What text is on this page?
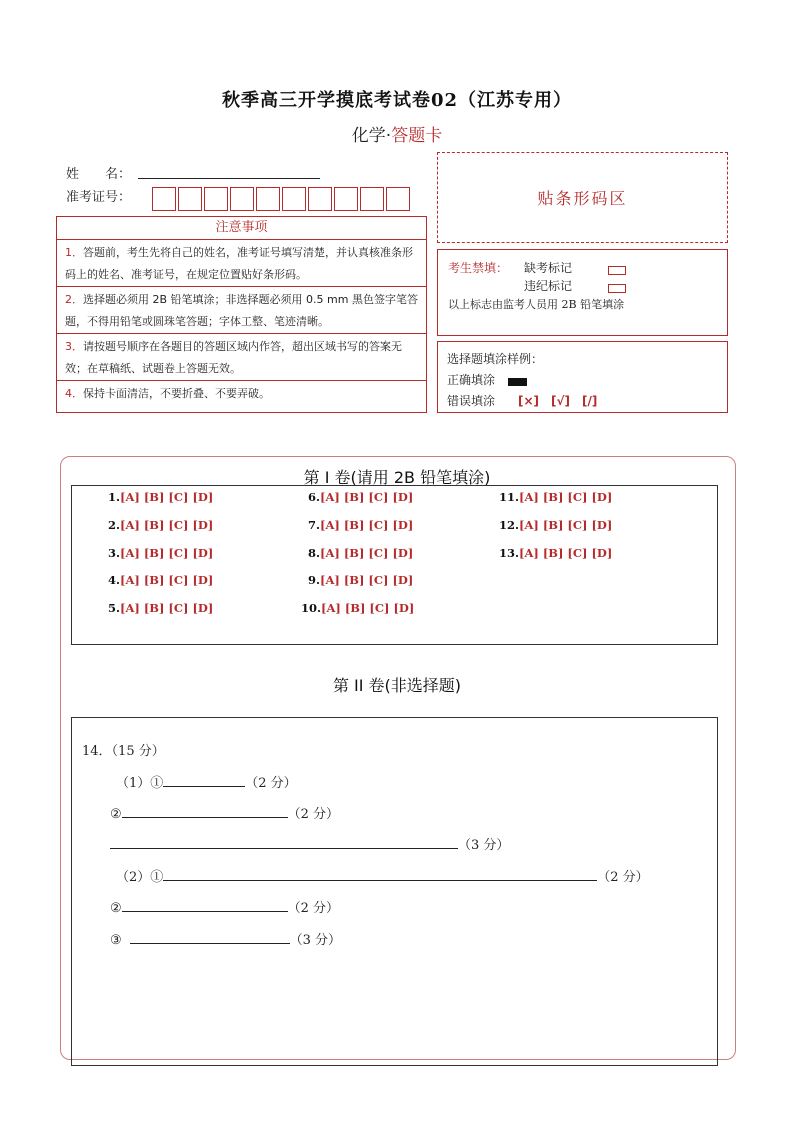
秋季高三开学摸底考试卷02（江苏专用）
化学·答题卡
姓　　名：
准考证号：	贴条形码区
注意事项
1．答题前，考生先将自己的姓名，准考证号填写清楚，并认真核准条形码上的姓名、准考证号，在规定位置贴好条形码。
2．选择题必须用 2B 铅笔填涂；非选择题必须用 0.5 mm 黑色签字笔答题，不得用铅笔或圆珠笔答题；字体工整、笔迹清晰。
3．请按题号顺序在各题目的答题区域内作答，超出区域书写的答案无效；在草稿纸、试题卷上答题无效。
4．保持卡面清洁，不要折叠、不要弄破。
考生禁填： 缺考标记
违纪标记
以上标志由监考人员用 2B 铅笔填涂
选择题填涂样例：
正确填涂
错误填涂 [×]　[√]　[/]
第 I 卷(请用 2B 铅笔填涂)
1.[A] [B] [C] [D]
2.[A] [B] [C] [D]
3.[A] [B] [C] [D]
4.[A] [B] [C] [D]
5.[A] [B] [C] [D]
6.[A] [B] [C] [D]
7.[A] [B] [C] [D]
8.[A] [B] [C] [D]
9.[A] [B] [C] [D]
10.[A] [B] [C] [D]
11.[A] [B] [C] [D]
12.[A] [B] [C] [D]
13.[A] [B] [C] [D]
第 II 卷(非选择题)
14．（15 分）
（1）①	（2 分）
②	（2 分）
（3 分）
（2）①	（2 分）
②	（2 分）
③	（3 分）
